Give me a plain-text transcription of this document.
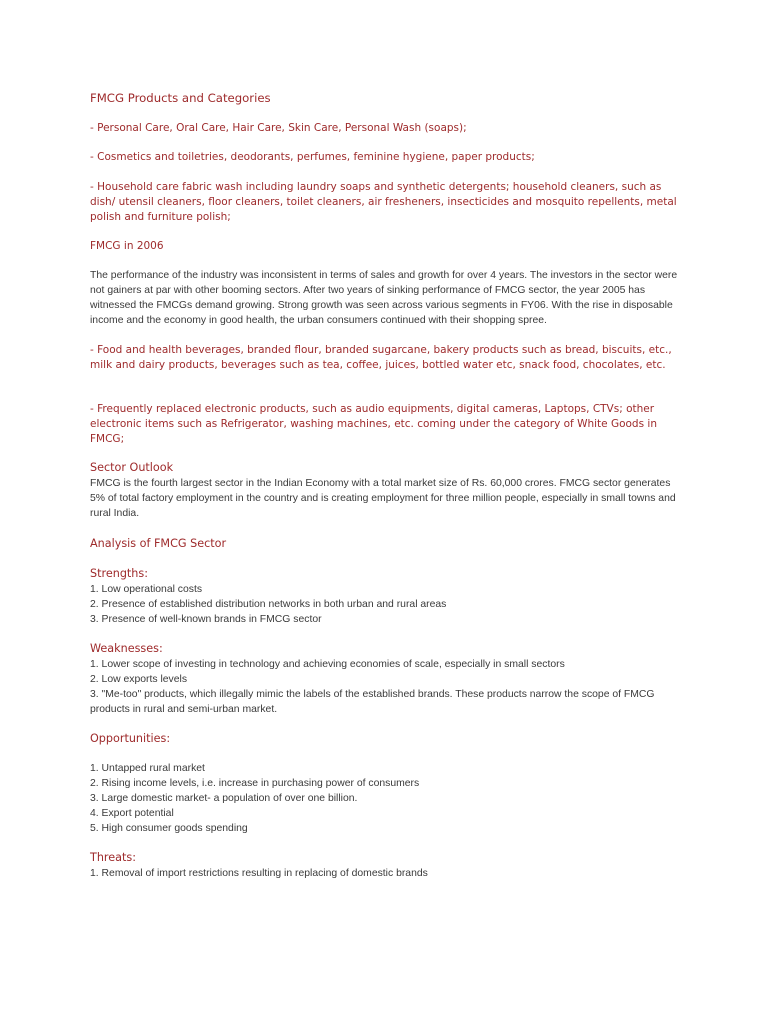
FMCG Products and Categories
- Personal Care, Oral Care, Hair Care, Skin Care, Personal Wash (soaps);
- Cosmetics and toiletries, deodorants, perfumes, feminine hygiene, paper products;
- Household care fabric wash including laundry soaps and synthetic detergents; household cleaners, such as dish/ utensil cleaners, floor cleaners, toilet cleaners, air fresheners, insecticides and mosquito repellents, metal polish and furniture polish;
FMCG in 2006
The performance of the industry was inconsistent in terms of sales and growth for over 4 years. The investors in the sector were not gainers at par with other booming sectors. After two years of sinking performance of FMCG sector, the year 2005 has witnessed the FMCGs demand growing. Strong growth was seen across various segments in FY06. With the rise in disposable income and the economy in good health, the urban consumers continued with their shopping spree.
- Food and health beverages, branded flour, branded sugarcane, bakery products such as bread, biscuits, etc., milk and dairy products, beverages such as tea, coffee, juices, bottled water etc, snack food, chocolates, etc.
- Frequently replaced electronic products, such as audio equipments, digital cameras, Laptops, CTVs; other electronic items such as Refrigerator, washing machines, etc. coming under the category of White Goods in FMCG;
Sector Outlook
FMCG is the fourth largest sector in the Indian Economy with a total market size of Rs. 60,000 crores. FMCG sector generates 5% of total factory employment in the country and is creating employment for three million people, especially in small towns and rural India.
Analysis of FMCG Sector
Strengths:
1. Low operational costs
2. Presence of established distribution networks in both urban and rural areas
3. Presence of well-known brands in FMCG sector
Weaknesses:
1. Lower scope of investing in technology and achieving economies of scale, especially in small sectors
2. Low exports levels
3. "Me-too" products, which illegally mimic the labels of the established brands. These products narrow the scope of FMCG products in rural and semi-urban market.
Opportunities:
1. Untapped rural market
2. Rising income levels, i.e. increase in purchasing power of consumers
3. Large domestic market- a population of over one billion.
4. Export potential
5. High consumer goods spending
Threats:
1. Removal of import restrictions resulting in replacing of domestic brands
